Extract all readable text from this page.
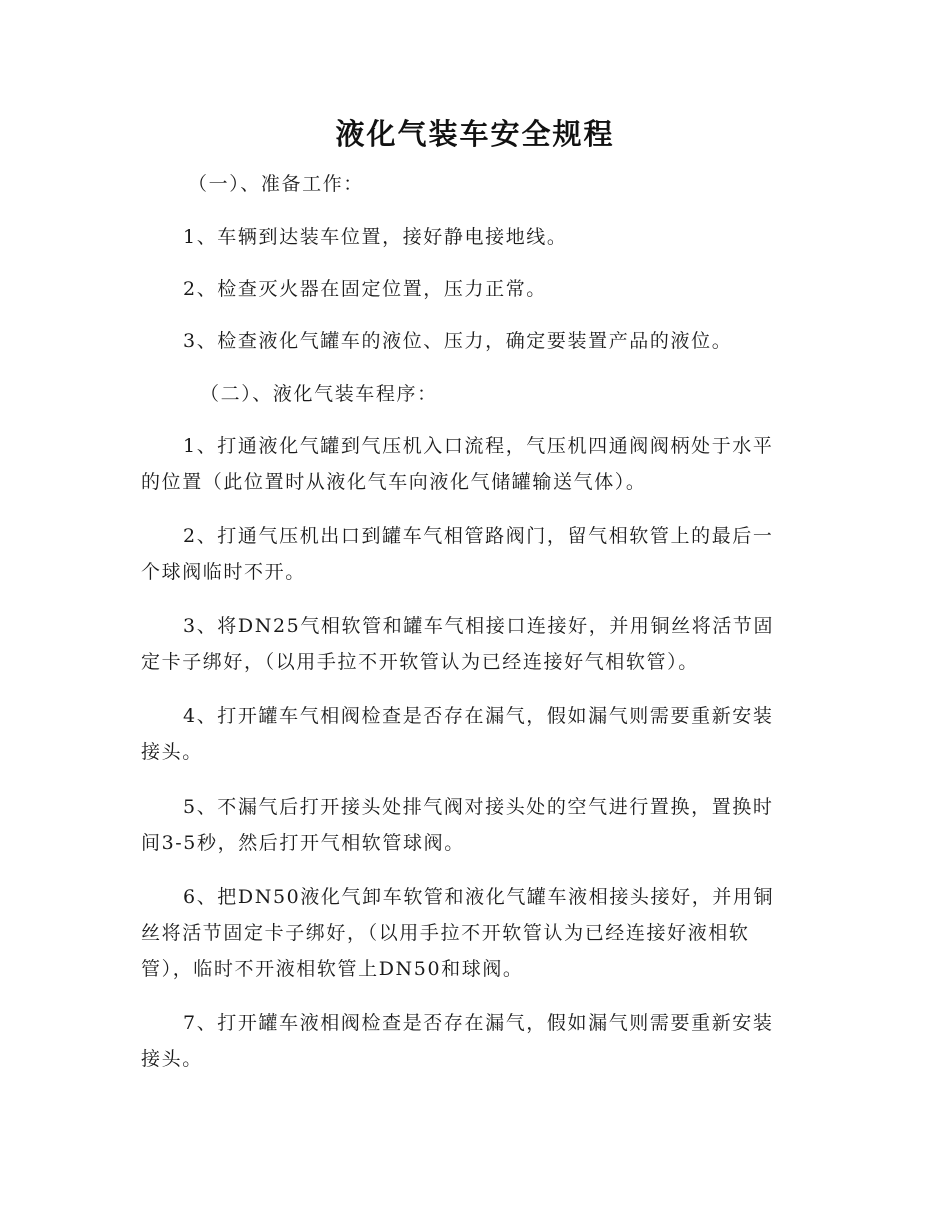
液化气装车安全规程
（一）、准备工作：
1、车辆到达装车位置，接好静电接地线。
2、检查灭火器在固定位置，压力正常。
3、检查液化气罐车的液位、压力，确定要装置产品的液位。
（二）、液化气装车程序：
1、打通液化气罐到气压机入口流程，气压机四通阀阀柄处于水平
的位置（此位置时从液化气车向液化气储罐输送气体）。
2、打通气压机出口到罐车气相管路阀门，留气相软管上的最后一
个球阀临时不开。
3、将DN25气相软管和罐车气相接口连接好，并用铜丝将活节固
定卡子绑好，（以用手拉不开软管认为已经连接好气相软管）。
4、打开罐车气相阀检查是否存在漏气，假如漏气则需要重新安装
接头。
5、不漏气后打开接头处排气阀对接头处的空气进行置换，置换时
间3-5秒，然后打开气相软管球阀。
6、把DN50液化气卸车软管和液化气罐车液相接头接好，并用铜
丝将活节固定卡子绑好，（以用手拉不开软管认为已经连接好液相软
管），临时不开液相软管上DN50和球阀。
7、打开罐车液相阀检查是否存在漏气，假如漏气则需要重新安装
接头。
